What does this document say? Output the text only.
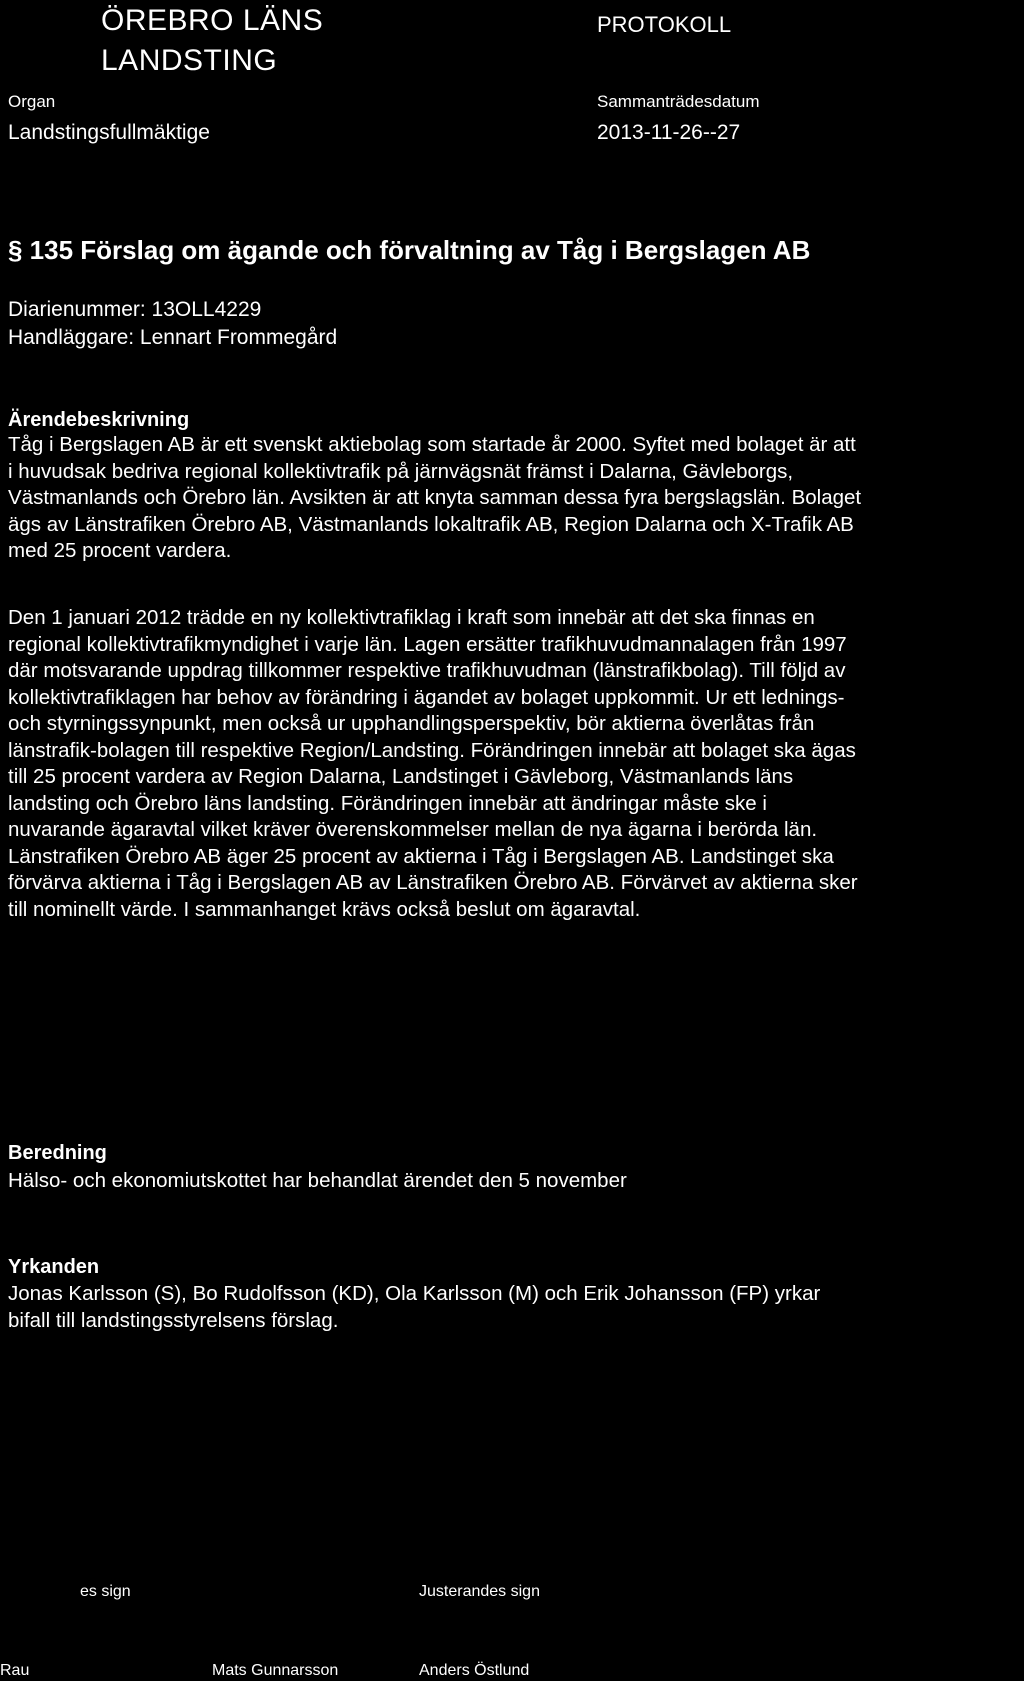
ÖREBRO LÄNS
LANDSTING
PROTOKOLL
Organ
Landstingsfullmäktige
Sammanträdesdatum
2013-11-26--27
§ 135 Förslag om ägande och förvaltning av Tåg i Bergslagen AB
Diarienummer: 13OLL4229
Handläggare: Lennart Frommegård
Ärendebeskrivning
Tåg i Bergslagen AB är ett svenskt aktiebolag som startade år 2000. Syftet med bolaget är att
i huvudsak bedriva regional kollektivtrafik på järnvägsnät främst i Dalarna, Gävleborgs,
Västmanlands och Örebro län. Avsikten är att knyta samman dessa fyra bergslagslän. Bolaget
ägs av Länstrafiken Örebro AB, Västmanlands lokaltrafik AB, Region Dalarna och X-Trafik AB
med 25 procent vardera.
Den 1 januari 2012 trädde en ny kollektivtrafiklag i kraft som innebär att det ska finnas en
regional kollektivtrafikmyndighet i varje län. Lagen ersätter trafikhuvudmannalagen från 1997
där motsvarande uppdrag tillkommer respektive trafikhuvudman (länstrafikbolag). Till följd av
kollektivtrafiklagen har behov av förändring i ägandet av bolaget uppkommit. Ur ett lednings-
och styrningssynpunkt, men också ur upphandlingsperspektiv, bör aktierna överlåtas från
länstrafik-bolagen till respektive Region/Landsting. Förändringen innebär att bolaget ska ägas
till 25 procent vardera av Region Dalarna, Landstinget i Gävleborg, Västmanlands läns
landsting och Örebro läns landsting. Förändringen innebär att ändringar måste ske i
nuvarande ägaravtal vilket kräver överenskommelser mellan de nya ägarna i berörda län.
Länstrafiken Örebro AB äger 25 procent av aktierna i Tåg i Bergslagen AB. Landstinget ska
förvärva aktierna i Tåg i Bergslagen AB av Länstrafiken Örebro AB. Förvärvet av aktierna sker
till nominellt värde. I sammanhanget krävs också beslut om ägaravtal.
Beredning
Hälso- och ekonomiutskottet har behandlat ärendet den 5 november
Yrkanden
Jonas Karlsson (S), Bo Rudolfsson (KD), Ola Karlsson (M) och Erik Johansson (FP) yrkar
bifall till landstingsstyrelsens förslag.
es sign	Justerandes sign
Rau	Mats Gunnarsson	Anders Östlund
